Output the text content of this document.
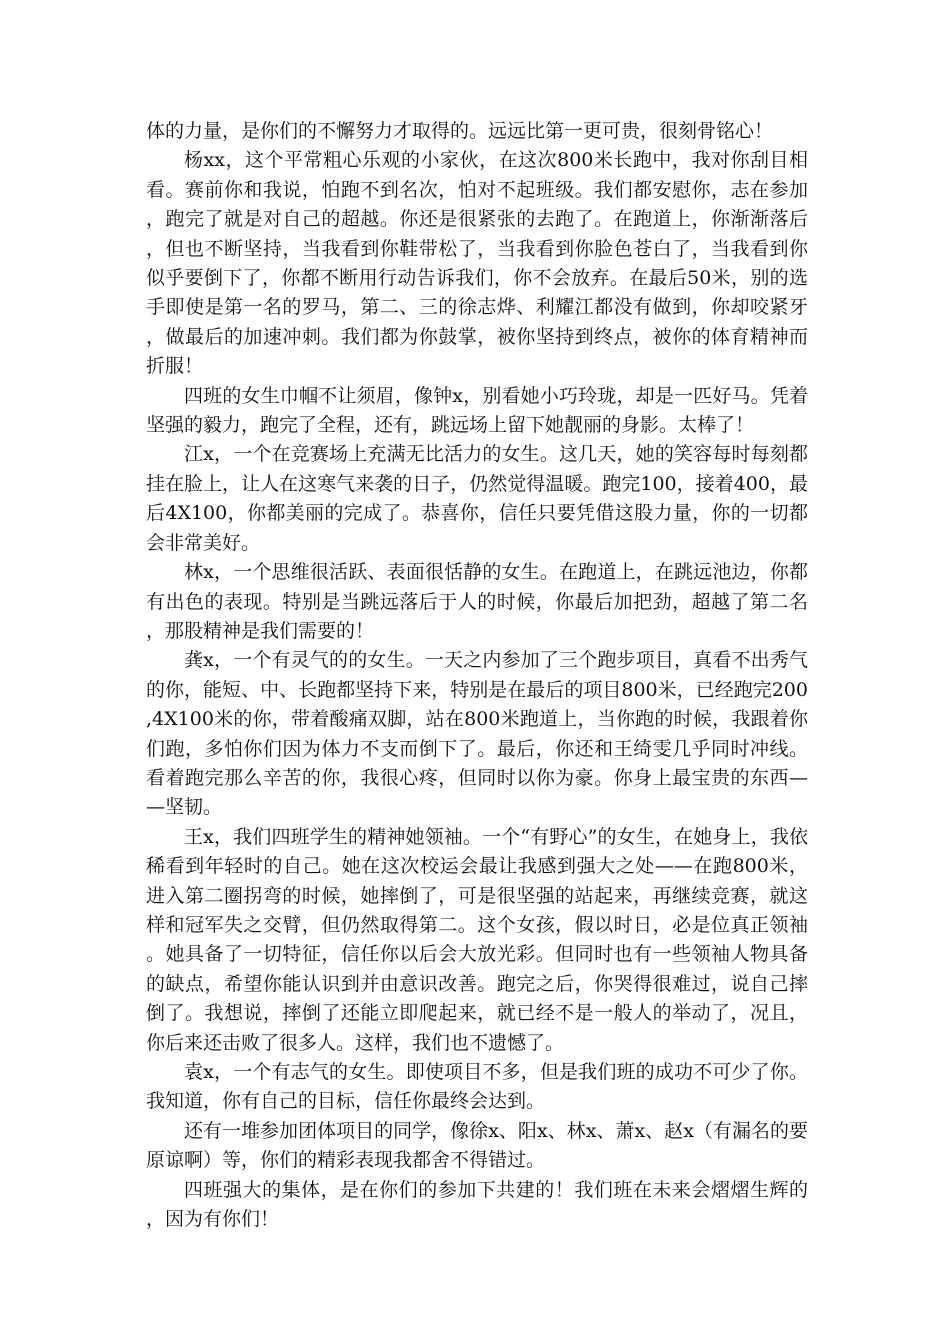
体的力量，是你们的不懈努力才取得的。远远比第一更可贵，很刻骨铭心！

杨xx，这个平常粗心乐观的小家伙，在这次800米长跑中，我对你刮目相看。赛前你和我说，怕跑不到名次，怕对不起班级。我们都安慰你，志在参加，跑完了就是对自己的超越。你还是很紧张的去跑了。在跑道上，你渐渐落后，但也不断坚持，当我看到你鞋带松了，当我看到你脸色苍白了，当我看到你似乎要倒下了，你都不断用行动告诉我们，你不会放弃。在最后50米，别的选手即使是第一名的罗马，第二、三的徐志烨、利耀江都没有做到，你却咬紧牙，做最后的加速冲刺。我们都为你鼓掌，被你坚持到终点，被你的体育精神而折服！

四班的女生巾帼不让须眉，像钟x，别看她小巧玲珑，却是一匹好马。凭着坚强的毅力，跑完了全程，还有，跳远场上留下她靓丽的身影。太棒了！

江x，一个在竞赛场上充满无比活力的女生。这几天，她的笑容每时每刻都挂在脸上，让人在这寒气来袭的日子，仍然觉得温暖。跑完100，接着400，最后4X100，你都美丽的完成了。恭喜你，信任只要凭借这股力量，你的一切都会非常美好。

林x，一个思维很活跃、表面很恬静的女生。在跑道上，在跳远池边，你都有出色的表现。特别是当跳远落后于人的时候，你最后加把劲，超越了第二名，那股精神是我们需要的！

龚x，一个有灵气的的女生。一天之内参加了三个跑步项目，真看不出秀气的你，能短、中、长跑都坚持下来，特别是在最后的项目800米，已经跑完200,4X100米的你，带着酸痛双脚，站在800米跑道上，当你跑的时候，我跟着你们跑，多怕你们因为体力不支而倒下了。最后，你还和王绮雯几乎同时冲线。看着跑完那么辛苦的你，我很心疼，但同时以你为豪。你身上最宝贵的东西——坚韧。

王x，我们四班学生的精神她领袖。一个“有野心”的女生，在她身上，我依稀看到年轻时的自己。她在这次校运会最让我感到强大之处——在跑800米，进入第二圈拐弯的时候，她摔倒了，可是很坚强的站起来，再继续竞赛，就这样和冠军失之交臂，但仍然取得第二。这个女孩，假以时日，必是位真正领袖。她具备了一切特征，信任你以后会大放光彩。但同时也有一些领袖人物具备的缺点，希望你能认识到并由意识改善。跑完之后，你哭得很难过，说自己摔倒了。我想说，摔倒了还能立即爬起来，就已经不是一般人的举动了，况且，你后来还击败了很多人。这样，我们也不遗憾了。

袁x，一个有志气的女生。即使项目不多，但是我们班的成功不可少了你。我知道，你有自己的目标，信任你最终会达到。

还有一堆参加团体项目的同学，像徐x、阳x、林x、萧x、赵x（有漏名的要原谅啊）等，你们的精彩表现我都舍不得错过。

四班强大的集体，是在你们的参加下共建的！我们班在未来会熠熠生辉的，因为有你们！
